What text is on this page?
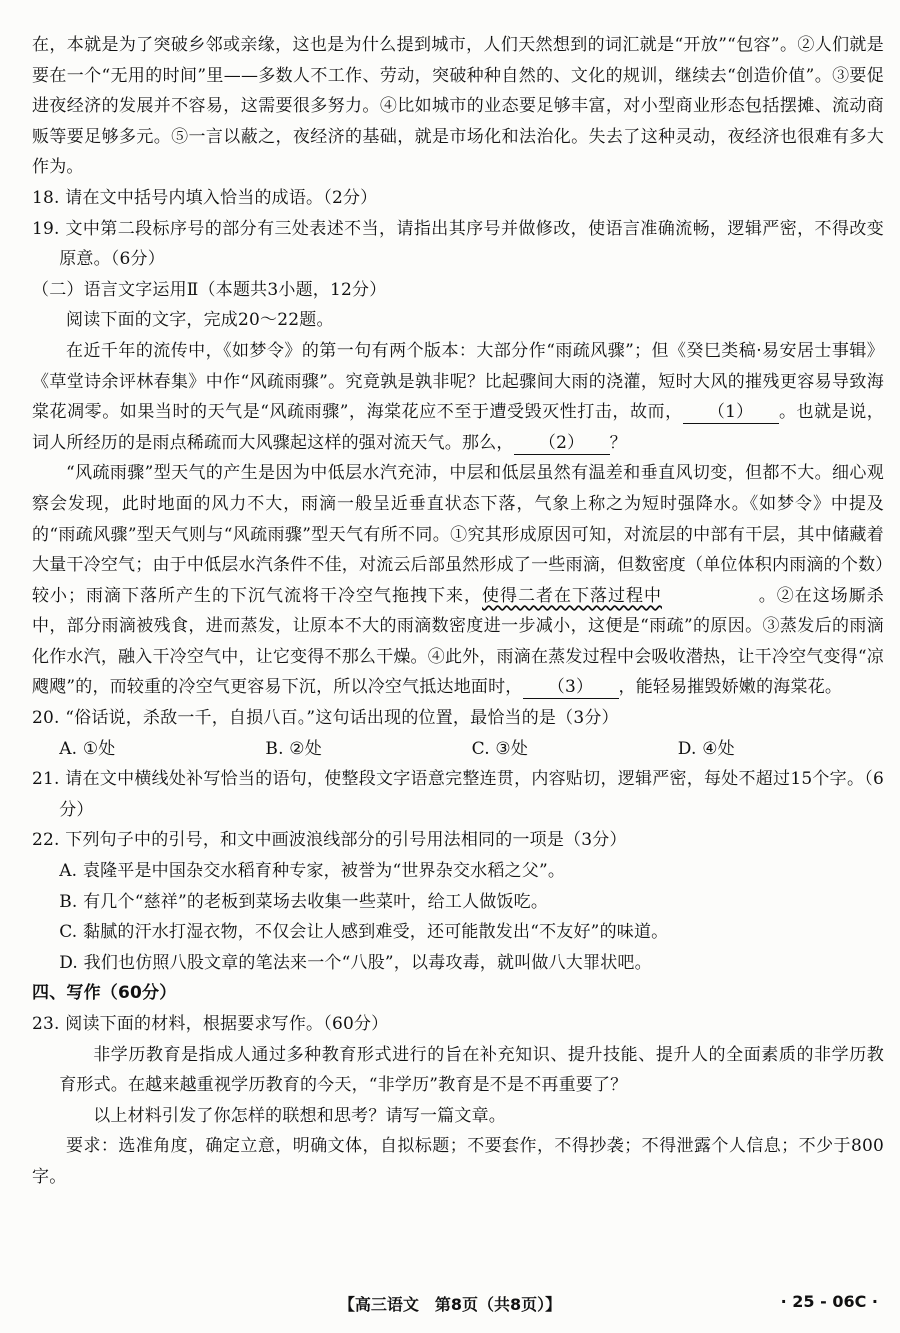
在，本就是为了突破乡邻或亲缘，这也是为什么提到城市，人们天然想到的词汇就是“开放”“包容”。②人们就是要在一个“无用的时间”里——多数人不工作、劳动，突破种种自然的、文化的规训，继续去“创造价值”。③要促进夜经济的发展并不容易，这需要很多努力。④比如城市的业态要足够丰富，对小型商业形态包括摆摊、流动商贩等要足够多元。⑤一言以蔽之，夜经济的基础，就是市场化和法治化。失去了这种灵动，夜经济也很难有多大作为。

18. 请在文中括号内填入恰当的成语。（2分）

19. 文中第二段标序号的部分有三处表述不当，请指出其序号并做修改，使语言准确流畅，逻辑严密，不得改变原意。（6分）

（二）语言文字运用Ⅱ（本题共3小题，12分）

阅读下面的文字，完成20～22题。

在近千年的流传中，《如梦令》的第一句有两个版本：大部分作“雨疏风骤”；但《癸巳类稿·易安居士事辑》《草堂诗余评林春集》中作“风疏雨骤”。究竟孰是孰非呢？比起骤间大雨的浇灌，短时大风的摧残更容易导致海棠花凋零。如果当时的天气是“风疏雨骤”，海棠花应不至于遭受毁灭性打击，故而， （1） 。也就是说，词人所经历的是雨点稀疏而大风骤起这样的强对流天气。那么， （2） ？

“风疏雨骤”型天气的产生是因为中低层水汽充沛，中层和低层虽然有温差和垂直风切变，但都不大。细心观察会发现，此时地面的风力不大，雨滴一般呈近垂直状态下落，气象上称之为短时强降水。《如梦令》中提及的“雨疏风骤”型天气则与“风疏雨骤”型天气有所不同。①究其形成原因可知，对流层的中部有干层，其中储藏着大量干冷空气；由于中低层水汽条件不佳，对流云后部虽然形成了一些雨滴，但数密度（单位体积内雨滴的个数）较小；雨滴下落所产生的下沉气流将干冷空气拖拽下来，使得二者在下落过程中	。②在这场厮杀中，部分雨滴被残食，进而蒸发，让原本不大的雨滴数密度进一步减小，这便是“雨疏”的原因。③蒸发后的雨滴化作水汽，融入干冷空气中，让它变得不那么干燥。④此外，雨滴在蒸发过程中会吸收潜热，让干冷空气变得“凉飕飕”的，而较重的冷空气更容易下沉，所以冷空气抵达地面时， （3） ，能轻易摧毁娇嫩的海棠花。

20. “俗话说，杀敌一千，自损八百。”这句话出现的位置，最恰当的是（3分）

A. ①处	B. ②处	C. ③处	D. ④处

21. 请在文中横线处补写恰当的语句，使整段文字语意完整连贯，内容贴切，逻辑严密，每处不超过15个字。（6分）

22. 下列句子中的引号，和文中画波浪线部分的引号用法相同的一项是（3分）

A. 袁隆平是中国杂交水稻育种专家，被誉为“世界杂交水稻之父”。

B. 有几个“慈祥”的老板到菜场去收集一些菜叶，给工人做饭吃。

C. 黏腻的汗水打湿衣物，不仅会让人感到难受，还可能散发出“不友好”的味道。

D. 我们也仿照八股文章的笔法来一个“八股”，以毒攻毒，就叫做八大罪状吧。

四、写作（60分）

23. 阅读下面的材料，根据要求写作。（60分）

非学历教育是指成人通过多种教育形式进行的旨在补充知识、提升技能、提升人的全面素质的非学历教育形式。在越来越重视学历教育的今天，“非学历”教育是不是不再重要了？

以上材料引发了你怎样的联想和思考？请写一篇文章。

要求：选准角度，确定立意，明确文体，自拟标题；不要套作，不得抄袭；不得泄露个人信息；不少于800字。

【高三语文　第8页（共8页）】	· 25 - 06C ·
